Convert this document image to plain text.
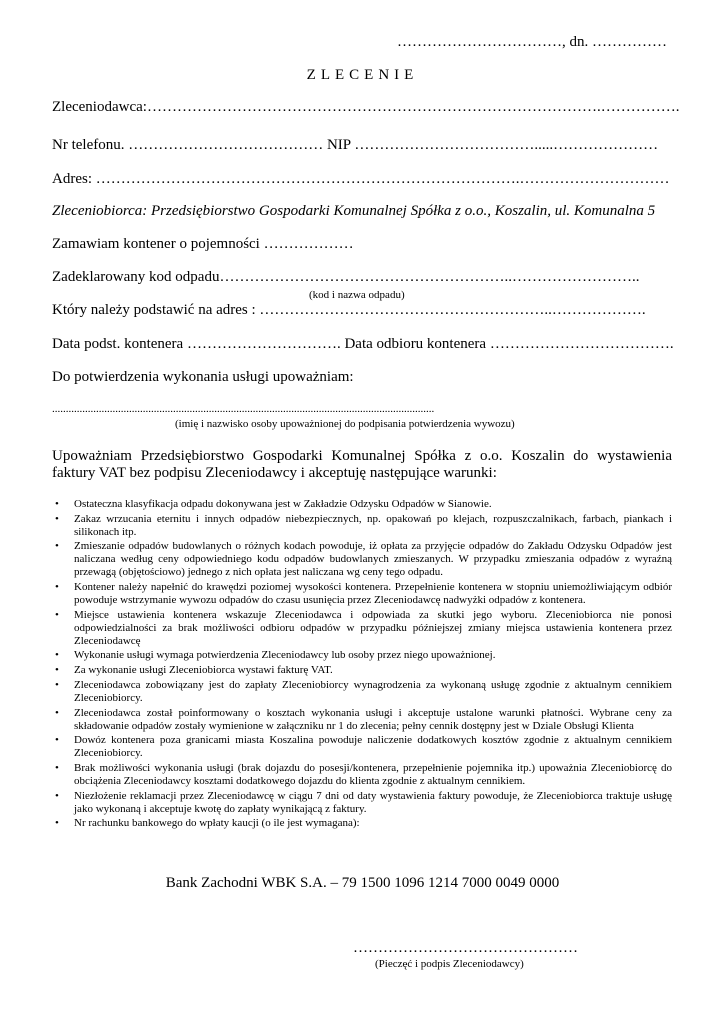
……………………………, dn. ……………
ZLECENIE
Zleceniodawca:……………………………………………………………………………….…………….
Nr telefonu. ………………………………… NIP ……………………………….....…………………
Adres: ………………………………………………………………………….…………………………
Zleceniobiorca: Przedsiębiorstwo Gospodarki Komunalnej Spółka z o.o., Koszalin, ul. Komunalna 5
Zamawiam kontener o pojemności ………………
Zadeklarowany kod odpadu…………………………………………………..……………………..
(kod i nazwa odpadu)
Który należy podstawić na adres : …………………………………………………..……………….
Data podst. kontenera …………………………. Data odbioru kontenera ……………………………….
Do potwierdzenia wykonania usługi upoważniam:
...........................................................................................................................................
(imię i nazwisko osoby upoważnionej do podpisania potwierdzenia wywozu)
Upoważniam Przedsiębiorstwo Gospodarki Komunalnej Spółka z o.o. Koszalin do wystawienia faktury VAT bez podpisu Zleceniodawcy i akceptuję następujące warunki:
• Ostateczna klasyfikacja odpadu dokonywana jest w Zakładzie Odzysku Odpadów w Sianowie.
• Zakaz wrzucania eternitu i innych odpadów niebezpiecznych, np. opakowań po klejach, rozpuszczalnikach, farbach, piankach i silikonach itp.
• Zmieszanie odpadów budowlanych o różnych kodach powoduje, iż opłata za przyjęcie odpadów do Zakładu Odzysku Odpadów jest naliczana według ceny odpowiedniego kodu odpadów budowlanych zmieszanych. W przypadku zmieszania odpadów z wyraźną przewagą (objętościowo) jednego z nich opłata jest naliczana wg ceny tego odpadu.
• Kontener należy napełnić do krawędzi poziomej wysokości kontenera. Przepełnienie kontenera w stopniu uniemożliwiającym odbiór powoduje wstrzymanie wywozu odpadów do czasu usunięcia przez Zleceniodawcę nadwyżki odpadów z kontenera.
• Miejsce ustawienia kontenera wskazuje Zleceniodawca i odpowiada za skutki jego wyboru. Zleceniobiorca nie ponosi odpowiedzialności za brak możliwości odbioru odpadów w przypadku późniejszej zmiany miejsca ustawienia kontenera przez Zleceniodawcę
• Wykonanie usługi wymaga potwierdzenia Zleceniodawcy lub osoby przez niego upoważnionej.
• Za wykonanie usługi Zleceniobiorca wystawi fakturę VAT.
• Zleceniodawca zobowiązany jest do zapłaty Zleceniobiorcy wynagrodzenia za wykonaną usługę zgodnie z aktualnym cennikiem Zleceniobiorcy.
• Zleceniodawca został poinformowany o kosztach wykonania usługi i akceptuje ustalone warunki płatności. Wybrane ceny za składowanie odpadów zostały wymienione w załączniku nr 1 do zlecenia; pełny cennik dostępny jest w Dziale Obsługi Klienta
• Dowóz kontenera poza granicami miasta Koszalina powoduje naliczenie dodatkowych kosztów zgodnie z aktualnym cennikiem Zleceniobiorcy.
• Brak możliwości wykonania usługi (brak dojazdu do posesji/kontenera, przepełnienie pojemnika itp.) upoważnia Zleceniobiorcę do obciążenia Zleceniodawcy kosztami dodatkowego dojazdu do klienta zgodnie z aktualnym cennikiem.
• Niezłożenie reklamacji przez Zleceniodawcę w ciągu 7 dni od daty wystawienia faktury powoduje, że Zleceniobiorca traktuje usługę jako wykonaną i akceptuje kwotę do zapłaty wynikającą z faktury.
• Nr rachunku bankowego do wpłaty kaucji (o ile jest wymagana):
Bank Zachodni WBK S.A. – 79 1500 1096 1214 7000 0049 0000
………………………………………
(Pieczęć i podpis Zleceniodawcy)
